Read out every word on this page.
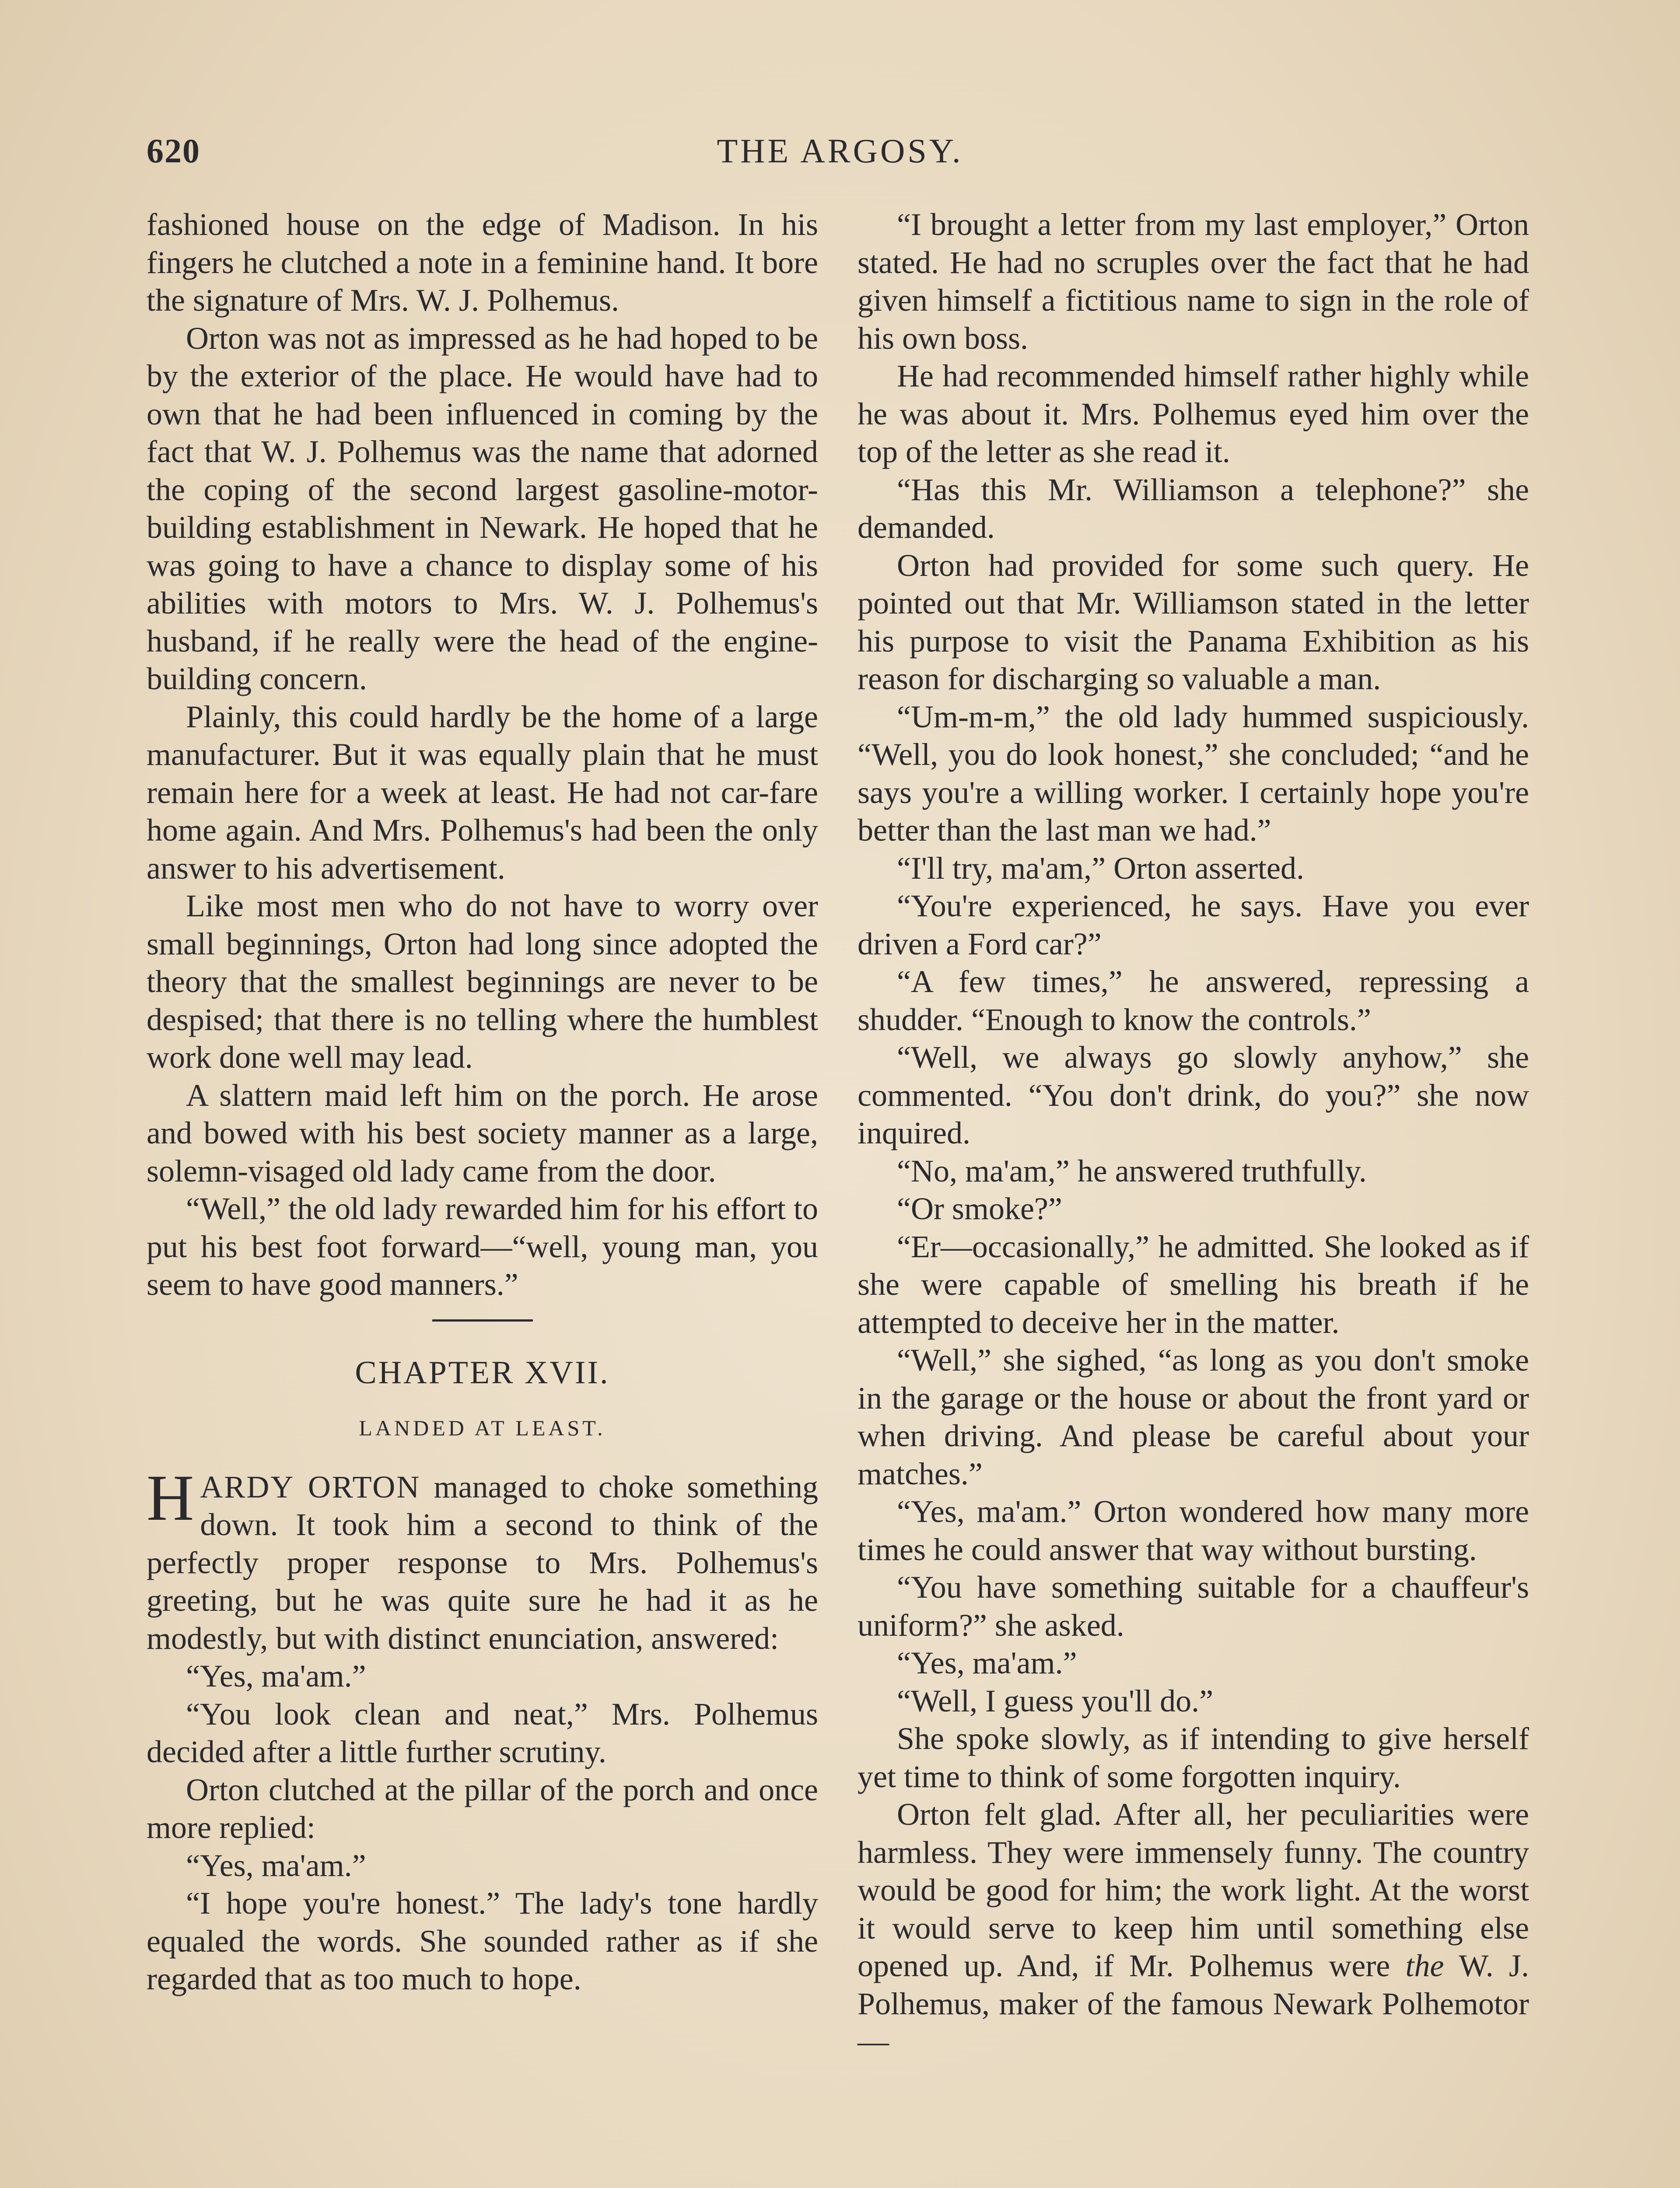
620	THE ARGOSY.

fashioned house on the edge of Madison. In his fingers he clutched a note in a feminine hand. It bore the signature of Mrs. W. J. Polhemus.

Orton was not as impressed as he had hoped to be by the exterior of the place. He would have had to own that he had been influenced in coming by the fact that W. J. Polhemus was the name that adorned the coping of the second largest gasoline-motor-building establishment in Newark. He hoped that he was going to have a chance to display some of his abilities with motors to Mrs. W. J. Polhemus's husband, if he really were the head of the engine-building concern.

Plainly, this could hardly be the home of a large manufacturer. But it was equally plain that he must remain here for a week at least. He had not car-fare home again. And Mrs. Polhemus's had been the only answer to his advertisement.

Like most men who do not have to worry over small beginnings, Orton had long since adopted the theory that the smallest beginnings are never to be despised; that there is no telling where the humblest work done well may lead.

A slattern maid left him on the porch. He arose and bowed with his best society manner as a large, solemn-visaged old lady came from the door.

“Well,” the old lady rewarded him for his effort to put his best foot forward—“well, young man, you seem to have good manners.”

CHAPTER XVII.
LANDED AT LEAST.

HARDY ORTON managed to choke something down. It took him a second to think of the perfectly proper response to Mrs. Polhemus's greeting, but he was quite sure he had it as he modestly, but with distinct enunciation, answered:

“Yes, ma'am.”

“You look clean and neat,” Mrs. Polhemus decided after a little further scrutiny.

Orton clutched at the pillar of the porch and once more replied:

“Yes, ma'am.”

“I hope you're honest.” The lady's tone hardly equaled the words. She sounded rather as if she regarded that as too much to hope.

“I brought a letter from my last employer,” Orton stated. He had no scruples over the fact that he had given himself a fictitious name to sign in the role of his own boss.

He had recommended himself rather highly while he was about it. Mrs. Polhemus eyed him over the top of the letter as she read it.

“Has this Mr. Williamson a telephone?” she demanded.

Orton had provided for some such query. He pointed out that Mr. Williamson stated in the letter his purpose to visit the Panama Exhibition as his reason for discharging so valuable a man.

“Um-m-m,” the old lady hummed suspiciously. “Well, you do look honest,” she concluded; “and he says you're a willing worker. I certainly hope you're better than the last man we had.”

“I'll try, ma'am,” Orton asserted.

“You're experienced, he says. Have you ever driven a Ford car?”

“A few times,” he answered, repressing a shudder. “Enough to know the controls.”

“Well, we always go slowly anyhow,” she commented. “You don't drink, do you?” she now inquired.

“No, ma'am,” he answered truthfully.

“Or smoke?”

“Er—occasionally,” he admitted. She looked as if she were capable of smelling his breath if he attempted to deceive her in the matter.

“Well,” she sighed, “as long as you don't smoke in the garage or the house or about the front yard or when driving. And please be careful about your matches.”

“Yes, ma'am.” Orton wondered how many more times he could answer that way without bursting.

“You have something suitable for a chauffeur's uniform?” she asked.

“Yes, ma'am.”

“Well, I guess you'll do.”

She spoke slowly, as if intending to give herself yet time to think of some forgotten inquiry.

Orton felt glad. After all, her peculiarities were harmless. They were immensely funny. The country would be good for him; the work light. At the worst it would serve to keep him until something else opened up. And, if Mr. Polhemus were the W. J. Polhemus, maker of the famous Newark Polhemotor—
